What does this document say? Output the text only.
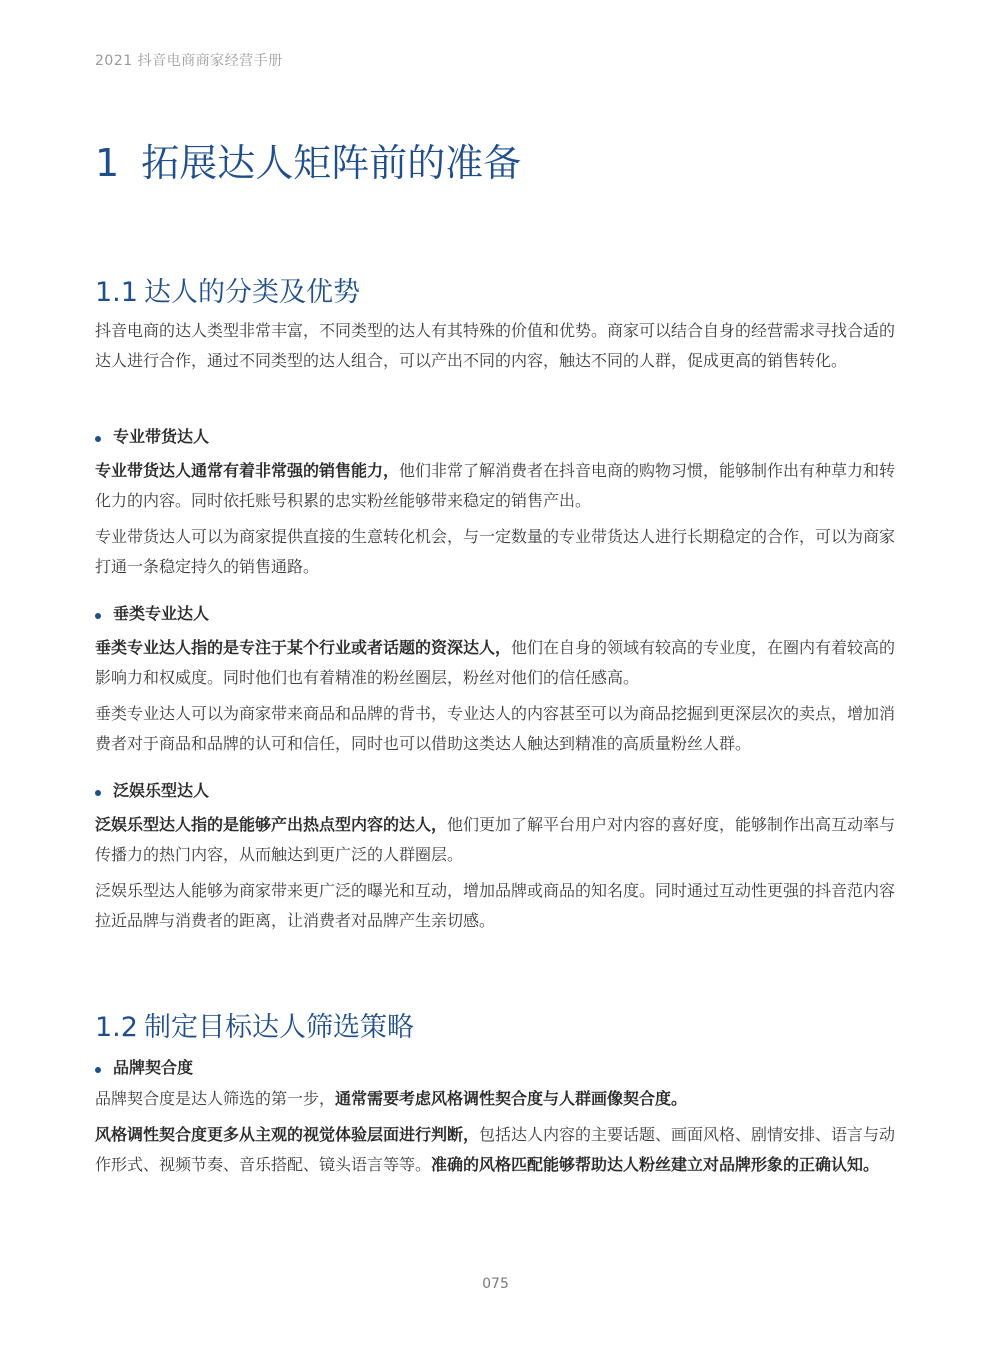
2021 抖音电商商家经营手册
1 拓展达人矩阵前的准备
1.1 达人的分类及优势

抖音电商的达人类型非常丰富，不同类型的达人有其特殊的价值和优势。商家可以结合自身的经营需求寻找合适的达人进行合作，通过不同类型的达人组合，可以产出不同的内容，触达不同的人群，促成更高的销售转化。

专业带货达人

专业带货达人通常有着非常强的销售能力，他们非常了解消费者在抖音电商的购物习惯，能够制作出有种草力和转化力的内容。同时依托账号积累的忠实粉丝能够带来稳定的销售产出。

专业带货达人可以为商家提供直接的生意转化机会，与一定数量的专业带货达人进行长期稳定的合作，可以为商家打通一条稳定持久的销售通路。

垂类专业达人

垂类专业达人指的是专注于某个行业或者话题的资深达人，他们在自身的领域有较高的专业度，在圈内有着较高的影响力和权威度。同时他们也有着精准的粉丝圈层，粉丝对他们的信任感高。

垂类专业达人可以为商家带来商品和品牌的背书，专业达人的内容甚至可以为商品挖掘到更深层次的卖点，增加消费者对于商品和品牌的认可和信任，同时也可以借助这类达人触达到精准的高质量粉丝人群。

泛娱乐型达人

泛娱乐型达人指的是能够产出热点型内容的达人，他们更加了解平台用户对内容的喜好度，能够制作出高互动率与传播力的热门内容，从而触达到更广泛的人群圈层。

泛娱乐型达人能够为商家带来更广泛的曝光和互动，增加品牌或商品的知名度。同时通过互动性更强的抖音范内容拉近品牌与消费者的距离，让消费者对品牌产生亲切感。

1.2 制定目标达人筛选策略
品牌契合度

品牌契合度是达人筛选的第一步，通常需要考虑风格调性契合度与人群画像契合度。

风格调性契合度更多从主观的视觉体验层面进行判断，包括达人内容的主要话题、画面风格、剧情安排、语言与动作形式、视频节奏、音乐搭配、镜头语言等等。准确的风格匹配能够帮助达人粉丝建立对品牌形象的正确认知。

075
